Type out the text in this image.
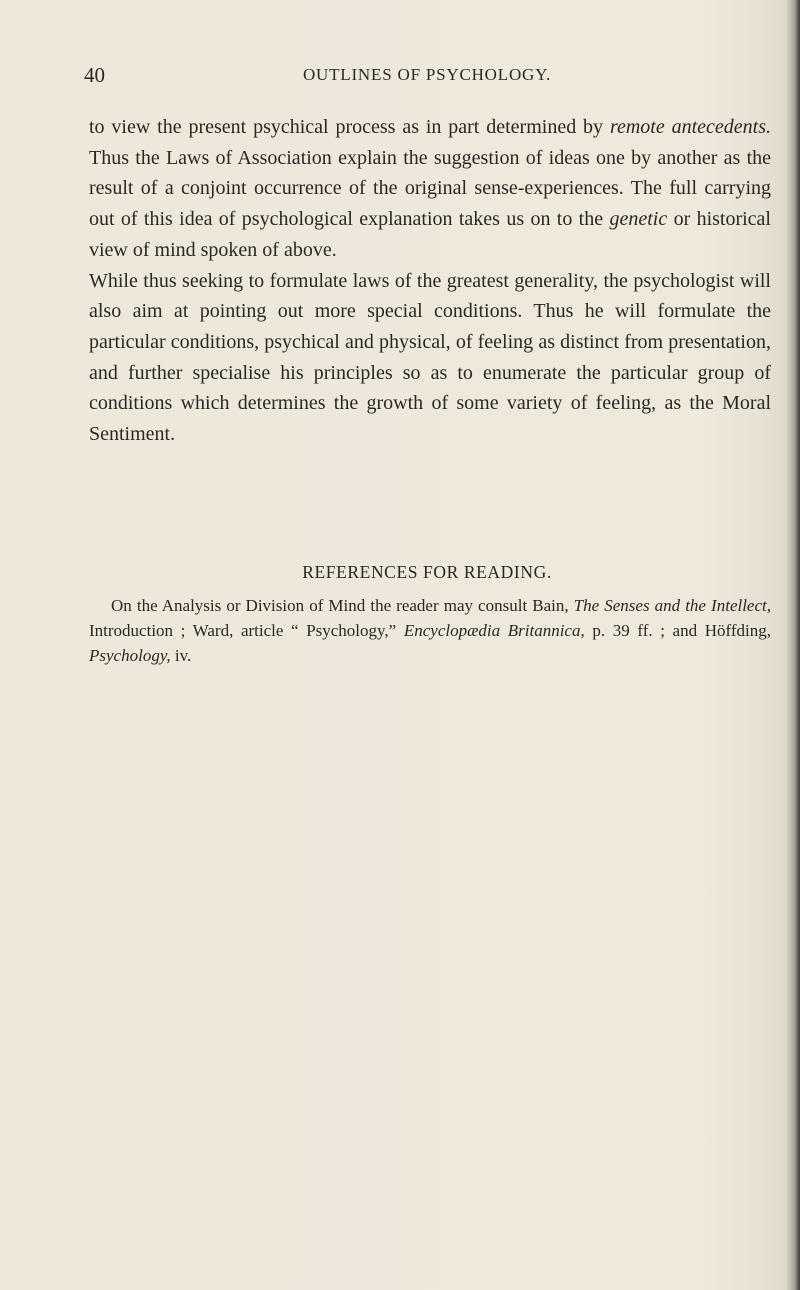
40	OUTLINES OF PSYCHOLOGY.

to view the present psychical process as in part determined by remote antecedents. Thus the Laws of Association explain the suggestion of ideas one by another as the result of a conjoint occurrence of the original sense-experiences. The full carrying out of this idea of psychological explanation takes us on to the genetic or historical view of mind spoken of above.

While thus seeking to formulate laws of the greatest generality, the psychologist will also aim at pointing out more special conditions. Thus he will formulate the particular conditions, psychical and physical, of feeling as distinct from presentation, and further specialise his principles so as to enumerate the particular group of conditions which determines the growth of some variety of feeling, as the Moral Sentiment.

REFERENCES FOR READING.

On the Analysis or Division of Mind the reader may consult Bain, The Senses and the Intellect, Introduction ; Ward, article “ Psychology,” Encyclopædia Britannica, p. 39 ff. ; and Höffding, Psychology, iv.
